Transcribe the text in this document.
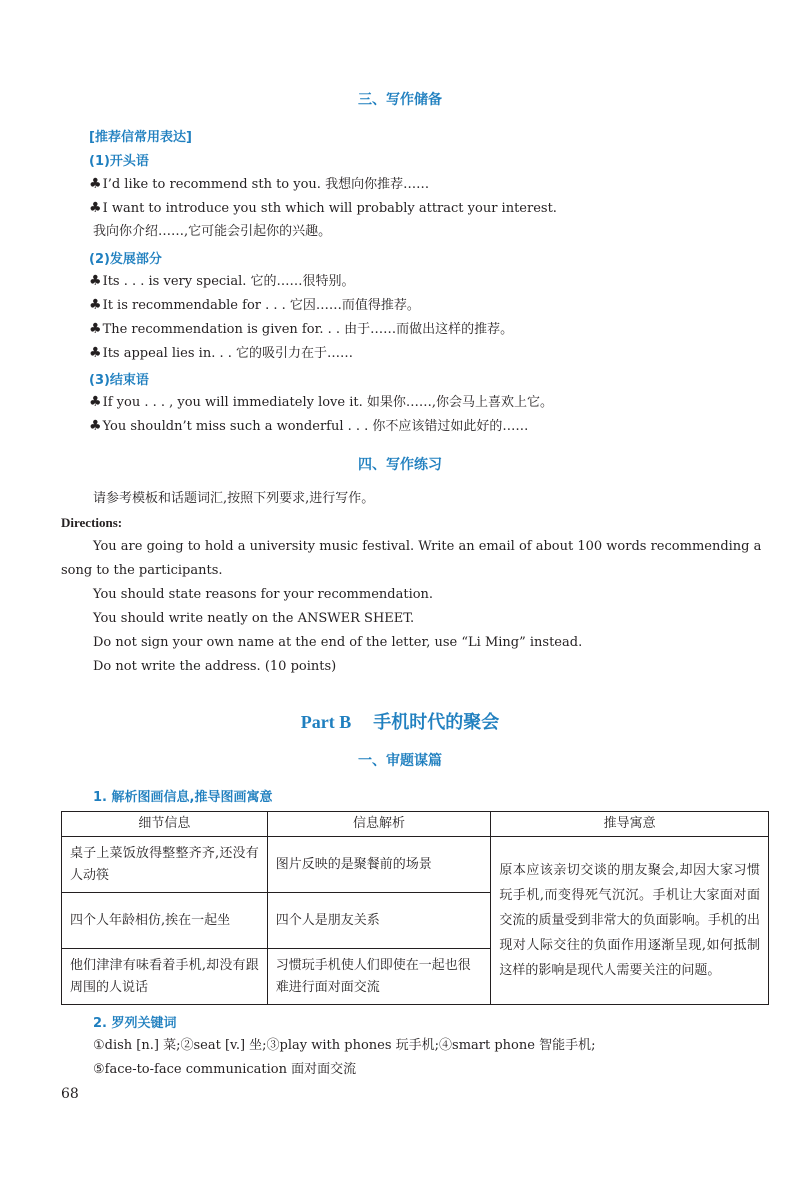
三、写作储备
[推荐信常用表达]
(1)开头语
♣I’d like to recommend sth to you. 我想向你推荐……
♣I want to introduce you sth which will probably attract your interest.
我向你介绍……,它可能会引起你的兴趣。
(2)发展部分
♣Its . . . is very special. 它的……很特别。
♣It is recommendable for . . . 它因……而值得推荐。
♣The recommendation is given for. . . 由于……而做出这样的推荐。
♣Its appeal lies in. . . 它的吸引力在于……
(3)结束语
♣If you . . . , you will immediately love it. 如果你……,你会马上喜欢上它。
♣You shouldn’t miss such a wonderful . . . 你不应该错过如此好的……
四、写作练习
请参考模板和话题词汇,按照下列要求,进行写作。
Directions:
You are going to hold a university music festival. Write an email of about 100 words recommending a
song to the participants.
You should state reasons for your recommendation.
You should write neatly on the ANSWER SHEET.
Do not sign your own name at the end of the letter, use “Li Ming” instead.
Do not write the address. (10 points)
Part B 手机时代的聚会
一、审题谋篇
1. 解析图画信息,推导图画寓意
细节信息	信息解析	推导寓意
桌子上菜饭放得整整齐齐,还没有人动筷	图片反映的是聚餐前的场景	原本应该亲切交谈的朋友聚会,却因大家习惯玩手机,而变得死气沉沉。手机让大家面对面交流的质量受到非常大的负面影响。手机的出现对人际交往的负面作用逐渐呈现,如何抵制这样的影响是现代人需要关注的问题。
四个人年龄相仿,挨在一起坐	四个人是朋友关系	
他们津津有味看着手机,却没有跟周围的人说话	习惯玩手机使人们即使在一起也很难进行面对面交流	
2. 罗列关键词
①dish [n.] 菜;②seat [v.] 坐;③play with phones 玩手机;④smart phone 智能手机;
⑤face-to-face communication 面对面交流
68
